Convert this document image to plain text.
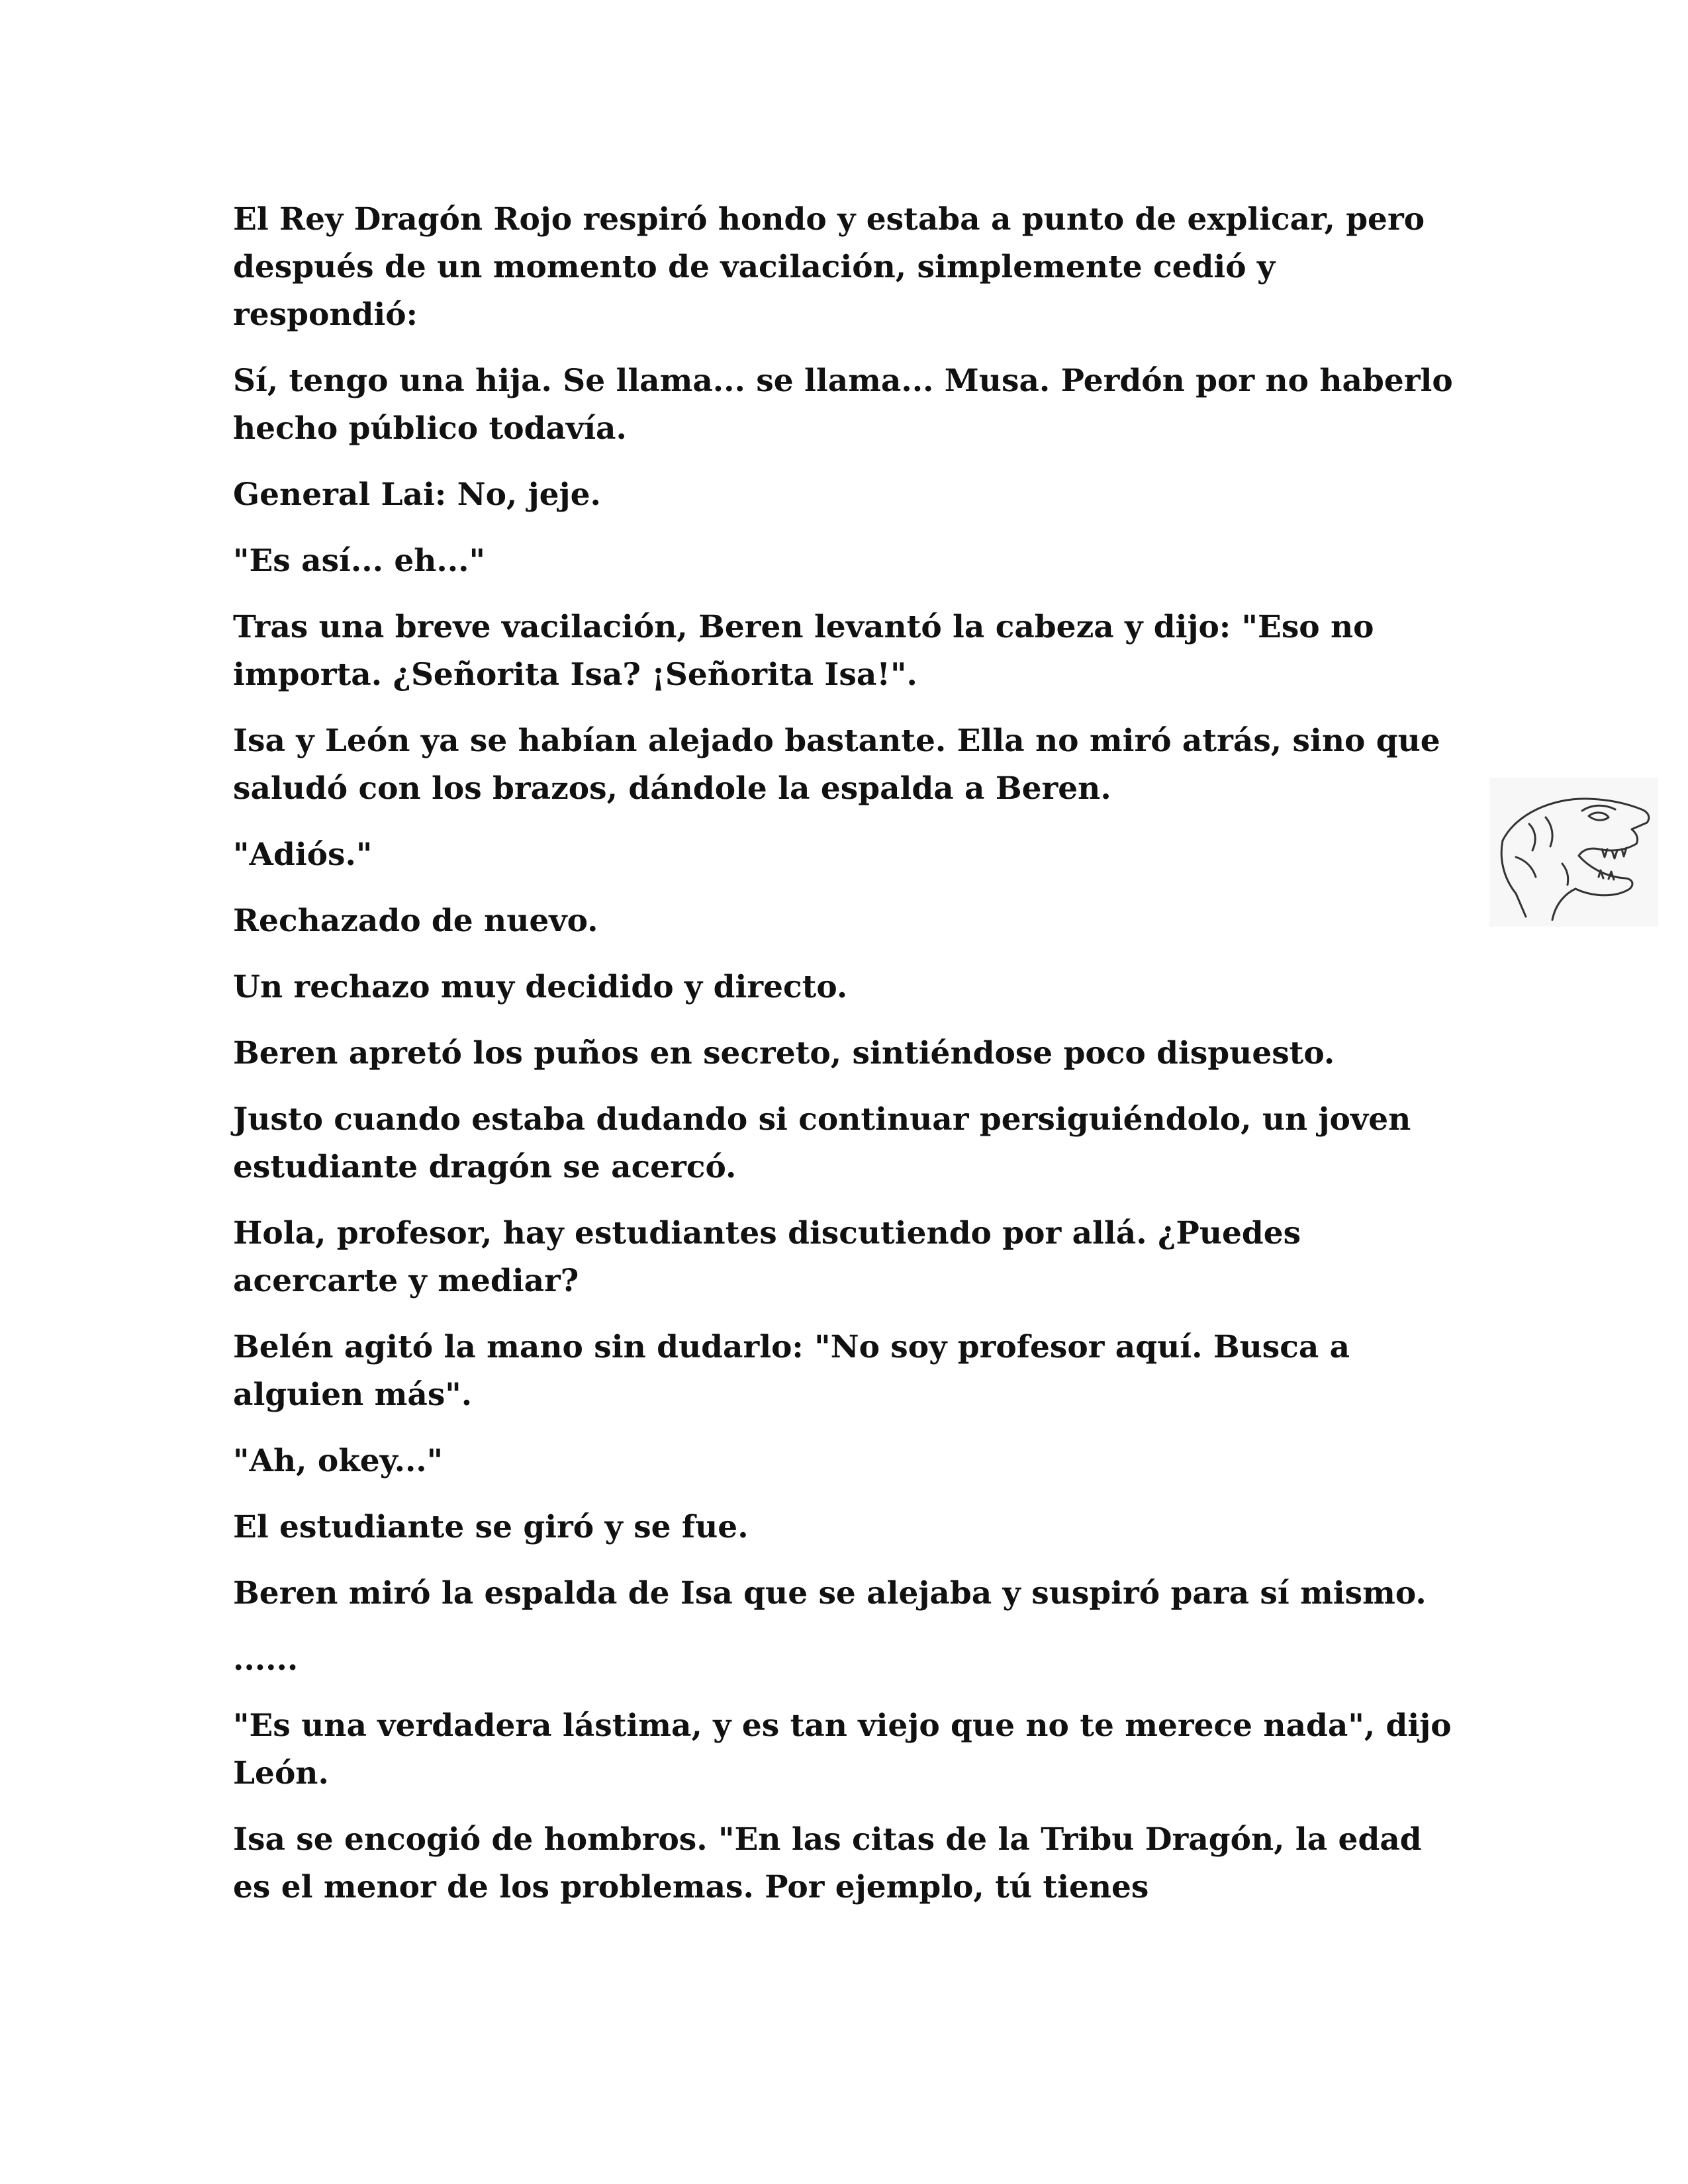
El Rey Dragón Rojo respiró hondo y estaba a punto de explicar, pero después de un momento de vacilación, simplemente cedió y respondió:

Sí, tengo una hija. Se llama... se llama... Musa. Perdón por no haberlo hecho público todavía.

General Lai: No, jeje.

"Es así... eh..."

Tras una breve vacilación, Beren levantó la cabeza y dijo: "Eso no importa. ¿Señorita Isa? ¡Señorita Isa!".

Isa y León ya se habían alejado bastante. Ella no miró atrás, sino que saludó con los brazos, dándole la espalda a Beren.

"Adiós."

Rechazado de nuevo.

Un rechazo muy decidido y directo.

Beren apretó los puños en secreto, sintiéndose poco dispuesto.

Justo cuando estaba dudando si continuar persiguiéndolo, un joven estudiante dragón se acercó.

Hola, profesor, hay estudiantes discutiendo por allá. ¿Puedes acercarte y mediar?

Belén agitó la mano sin dudarlo: "No soy profesor aquí. Busca a alguien más".

"Ah, okey..."

El estudiante se giró y se fue.

Beren miró la espalda de Isa que se alejaba y suspiró para sí mismo.

......

"Es una verdadera lástima, y es tan viejo que no te merece nada", dijo León.

Isa se encogió de hombros. "En las citas de la Tribu Dragón, la edad es el menor de los problemas. Por ejemplo, tú tienes
